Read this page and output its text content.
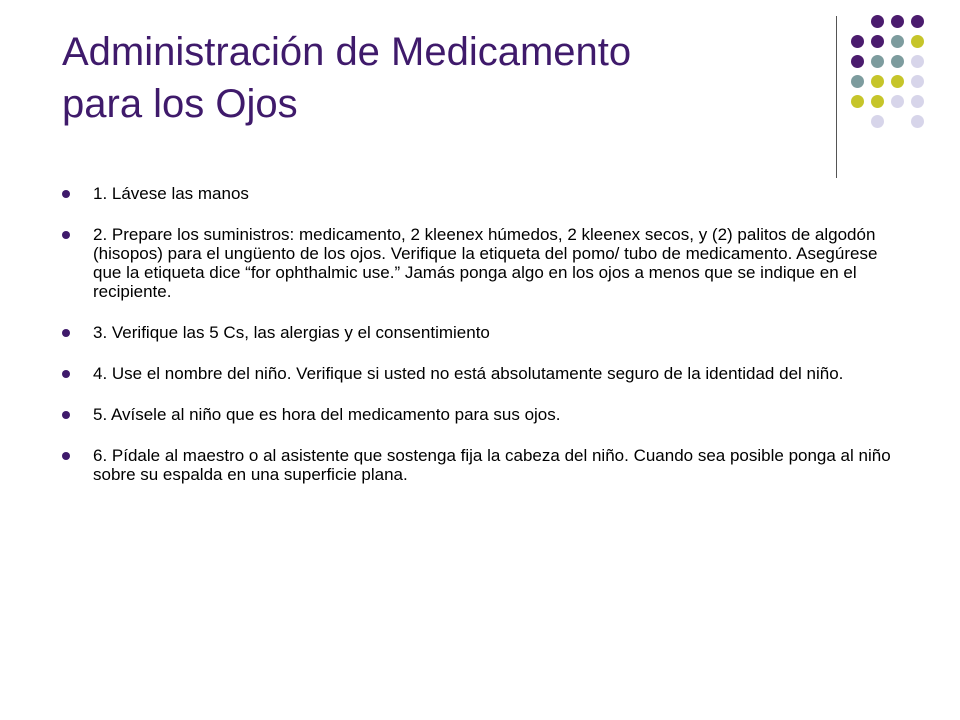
Administración de Medicamento
para los Ojos
1. Lávese las manos
2. Prepare los suministros: medicamento, 2 kleenex húmedos, 2 kleenex secos, y (2) palitos de algodón (hisopos) para el ungüento de los ojos. Verifique la etiqueta del pomo/ tubo de medicamento. Asegúrese que la etiqueta dice “for ophthalmic use.” Jamás ponga algo en los ojos a menos que se indique en el recipiente.
3. Verifique las 5 Cs, las alergias y el consentimiento
4. Use el nombre del niño. Verifique si usted no está absolutamente seguro de la identidad del niño.
5. Avísele al niño que es hora del medicamento para sus ojos.
6. Pídale al maestro o al asistente que sostenga fija la cabeza del niño. Cuando sea posible ponga al niño sobre su espalda en una superficie plana.
